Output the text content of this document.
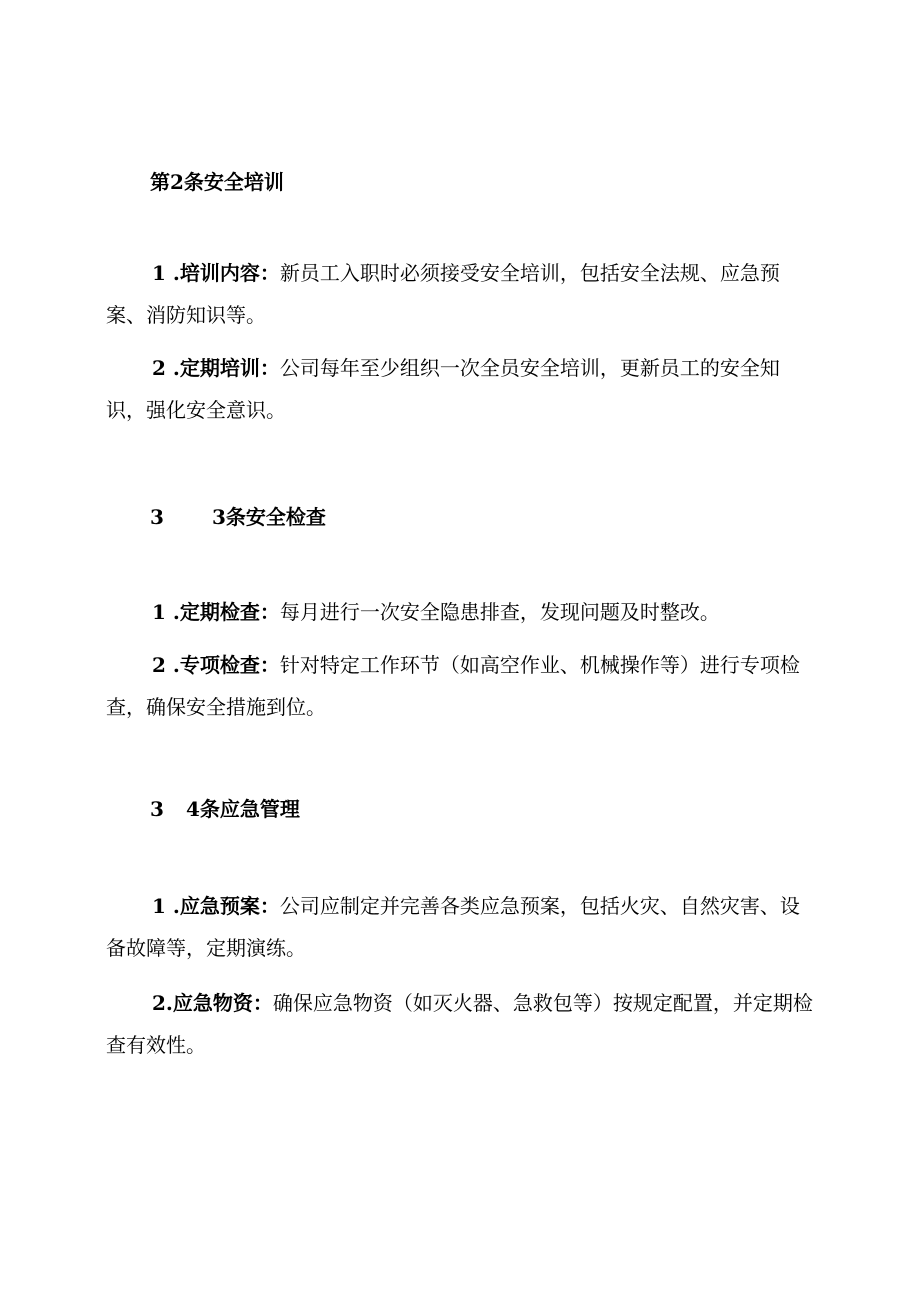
第2条安全培训
1 .培训内容：新员工入职时必须接受安全培训，包括安全法规、应急预案、消防知识等。
2 .定期培训：公司每年至少组织一次全员安全培训，更新员工的安全知识，强化安全意识。
3 3条安全检查
1 .定期检查：每月进行一次安全隐患排查，发现问题及时整改。
2 .专项检查：针对特定工作环节（如高空作业、机械操作等）进行专项检查，确保安全措施到位。
3 4条应急管理
1 .应急预案：公司应制定并完善各类应急预案，包括火灾、自然灾害、设备故障等，定期演练。
2.应急物资：确保应急物资（如灭火器、急救包等）按规定配置，并定期检查有效性。
